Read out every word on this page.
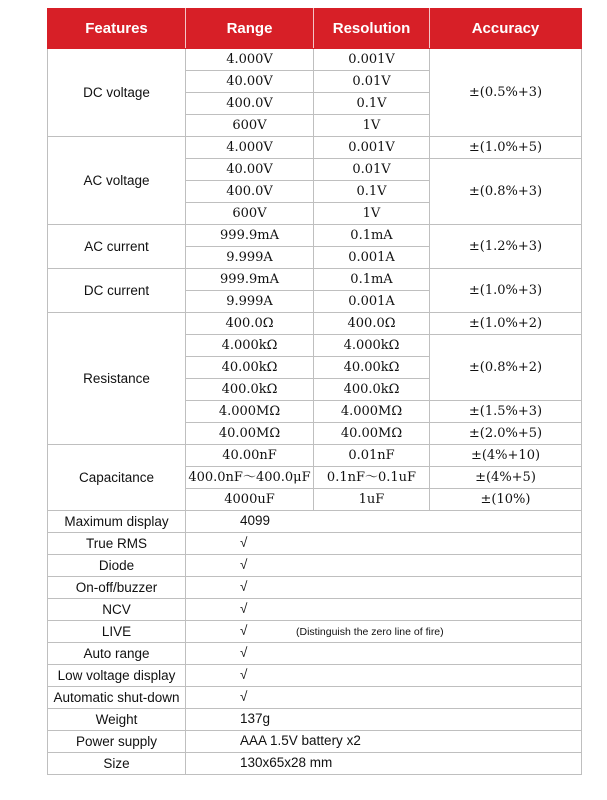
Features	Range	Resolution	Accuracy
DC voltage	4.000V	0.001V	±(0.5%+3)
	40.00V	0.01V	
	400.0V	0.1V	
	600V	1V	
AC voltage	4.000V	0.001V	±(1.0%+5)
	40.00V	0.01V	±(0.8%+3)
	400.0V	0.1V	
	600V	1V	
AC current	999.9mA	0.1mA	±(1.2%+3)
	9.999A	0.001A	
DC current	999.9mA	0.1mA	±(1.0%+3)
	9.999A	0.001A	
Resistance	400.0Ω	400.0Ω	±(1.0%+2)
	4.000kΩ	4.000kΩ	±(0.8%+2)
	40.00kΩ	40.00kΩ	
	400.0kΩ	400.0kΩ	
	4.000MΩ	4.000MΩ	±(1.5%+3)
	40.00MΩ	40.00MΩ	±(2.0%+5)
Capacitance	40.00nF	0.01nF	±(4%+10)
	400.0nF～400.0μF	0.1nF～0.1uF	±(4%+5)
	4000uF	1uF	±(10%)
Maximum display	4099		

True RMS	√		

Diode	√		

On-off/buzzer	√		

NCV	√		

LIVE	√ (Distinguish the zero line of fire)		

Auto range	√		

Low voltage display	√		

Automatic shut-down	√		

Weight	137g		

Power supply	AAA 1.5V battery x2		

Size	130x65x28 mm		
